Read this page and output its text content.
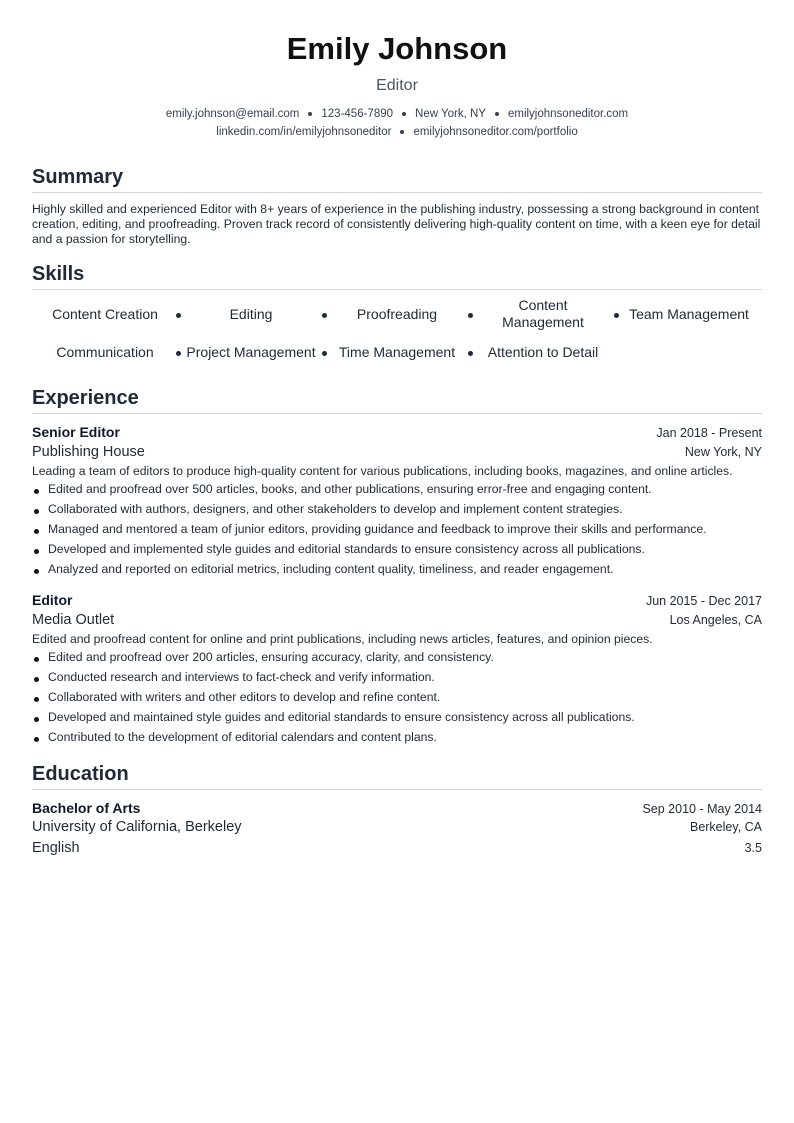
Emily Johnson
Editor
emily.johnson@email.com 123-456-7890 New York, NY emilyjohnsoneditor.com
linkedin.com/in/emilyjohnsoneditor emilyjohnsoneditor.com/portfolio
Summary
Highly skilled and experienced Editor with 8+ years of experience in the publishing industry, possessing a strong background in content creation, editing, and proofreading. Proven track record of consistently delivering high-quality content on time, with a keen eye for detail and a passion for storytelling.
Skills
Content Creation	Editing	Proofreading
Content Management
Team Management
Communication Project Management Time Management Attention to Detail
Experience
Senior Editor	Jan 2018 - Present
Publishing House	New York, NY
Leading a team of editors to produce high-quality content for various publications, including books, magazines, and online articles.
Edited and proofread over 500 articles, books, and other publications, ensuring error-free and engaging content.
Collaborated with authors, designers, and other stakeholders to develop and implement content strategies.
Managed and mentored a team of junior editors, providing guidance and feedback to improve their skills and performance.
Developed and implemented style guides and editorial standards to ensure consistency across all publications.
Analyzed and reported on editorial metrics, including content quality, timeliness, and reader engagement.
Editor	Jun 2015 - Dec 2017
Media Outlet	Los Angeles, CA
Edited and proofread content for online and print publications, including news articles, features, and opinion pieces.
Edited and proofread over 200 articles, ensuring accuracy, clarity, and consistency.
Conducted research and interviews to fact-check and verify information.
Collaborated with writers and other editors to develop and refine content.
Developed and maintained style guides and editorial standards to ensure consistency across all publications.
Contributed to the development of editorial calendars and content plans.
Education
Bachelor of Arts	Sep 2010 - May 2014
University of California, Berkeley	Berkeley, CA
English	3.5
